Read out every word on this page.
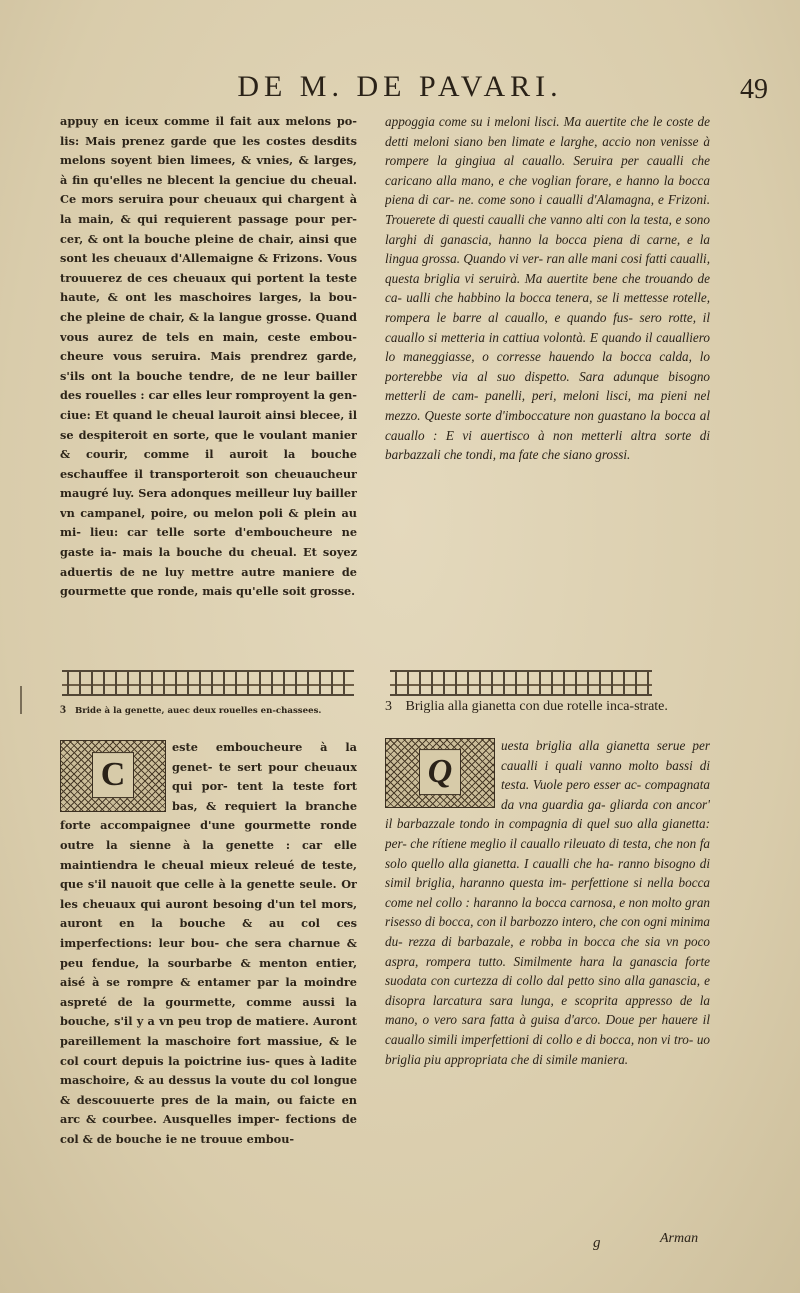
DE M. DE PAVARI.	49

appuy en iceux comme il fait aux melons po- lis: Mais prenez garde que les costes desdits melons soyent bien limees, & vnies, & larges, à fin qu'elles ne blecent la genciue du cheual. Ce mors seruira pour cheuaux qui chargent à la main, & qui requierent passage pour per- cer, & ont la bouche pleine de chair, ainsi que sont les cheuaux d'Allemaigne & Frizons. Vous trouuerez de ces cheuaux qui portent la teste haute, & ont les maschoires larges, la bou- che pleine de chair, & la langue grosse. Quand vous aurez de tels en main, ceste embou- cheure vous seruira. Mais prendrez garde, s'ils ont la bouche tendre, de ne leur bailler des rouelles : car elles leur romproyent la gen- ciue: Et quand le cheual lauroit ainsi blecee, il se despiteroit en sorte, que le voulant manier & courir, comme il auroit la bouche eschauffee il transporteroit son cheuaucheur maugré luy. Sera adonques meilleur luy bailler vn campanel, poire, ou melon poli & plein au mi- lieu: car telle sorte d'emboucheure ne gaste ia- mais la bouche du cheual. Et soyez aduertis de ne luy mettre autre maniere de gourmette que ronde, mais qu'elle soit grosse.

appoggia come su i meloni lisci. Ma auertite che le coste de detti meloni siano ben limate e larghe, accio non venisse à rompere la gingiua al cauallo. Seruira per caualli che caricano alla mano, e che voglian forare, e hanno la bocca piena di car- ne. come sono i caualli d'Alamagna, e Frizoni. Trouerete di questi caualli che vanno alti con la testa, e sono larghi di ganascia, hanno la bocca piena di carne, e la lingua grossa. Quando vi ver- ran alle mani cosi fatti caualli, questa briglia vi seruirà. Ma auertite bene che trouando de ca- ualli che habbino la bocca tenera, se li mettesse rotelle, rompera le barre al cauallo, e quando fus- sero rotte, il cauallo si metteria in cattiua volontà. E quando il caualliero lo maneggiasse, o corresse hauendo la bocca calda, lo porterebbe via al suo dispetto. Sara adunque bisogno metterli de cam- panelli, peri, meloni lisci, ma pieni nel mezzo. Queste sorte d'imboccature non guastano la bocca al cauallo : E vi auertisco à non metterli altra sorte di barbazzali che tondi, ma fate che siano grossi.

3 Bride à la genette, auec deux rouelles en-chassees.	3 Briglia alla gianetta con due rotelle inca-strate.
C

este emboucheure à la genet- te sert pour cheuaux qui por- tent la teste fort bas, & requiert la branche forte accompaignee d'une gourmette ronde outre la sienne à la genette : car elle maintiendra le cheual mieux releué de teste, que s'il nauoit que celle à la genette seule. Or les cheuaux qui auront besoing d'un tel mors, auront en la bouche & au col ces imperfections: leur bou- che sera charnue & peu fendue, la sourbarbe & menton entier, aisé à se rompre & entamer par la moindre aspreté de la gourmette, comme aussi la bouche, s'il y a vn peu trop de matiere. Auront pareillement la maschoire fort massiue, & le col court depuis la poictrine ius- ques à ladite maschoire, & au dessus la voute du col longue & descouuerte pres de la main, ou faicte en arc & courbee. Ausquelles imper- fections de col & de bouche ie ne trouue embou-

Q

uesta briglia alla gianetta serue per caualli i quali vanno molto bassi di testa. Vuole pero esser ac- compagnata da vna guardia ga- gliarda con ancor' il barbazzale tondo in compagnia di quel suo alla gianetta: per- che rítiene meglio il cauallo rileuato di testa, che non fa solo quello alla gianetta. I caualli che ha- ranno bisogno di simil briglia, haranno questa im- perfettione si nella bocca come nel collo : haranno la bocca carnosa, e non molto gran risesso di bocca, con il barbozzo intero, che con ogni minima du- rezza di barbazale, e robba in bocca che sia vn poco aspra, rompera tutto. Similmente hara la ganascia forte suodata con curtezza di collo dal petto sino alla ganascia, e disopra larcatura sara lunga, e scoprita appresso de la mano, o vero sara fatta à guisa d'arco. Doue per hauere il cauallo simili imperfettioni di collo e di bocca, non vi tro- uo briglia piu appropriata che di simile maniera.

g	Arman
